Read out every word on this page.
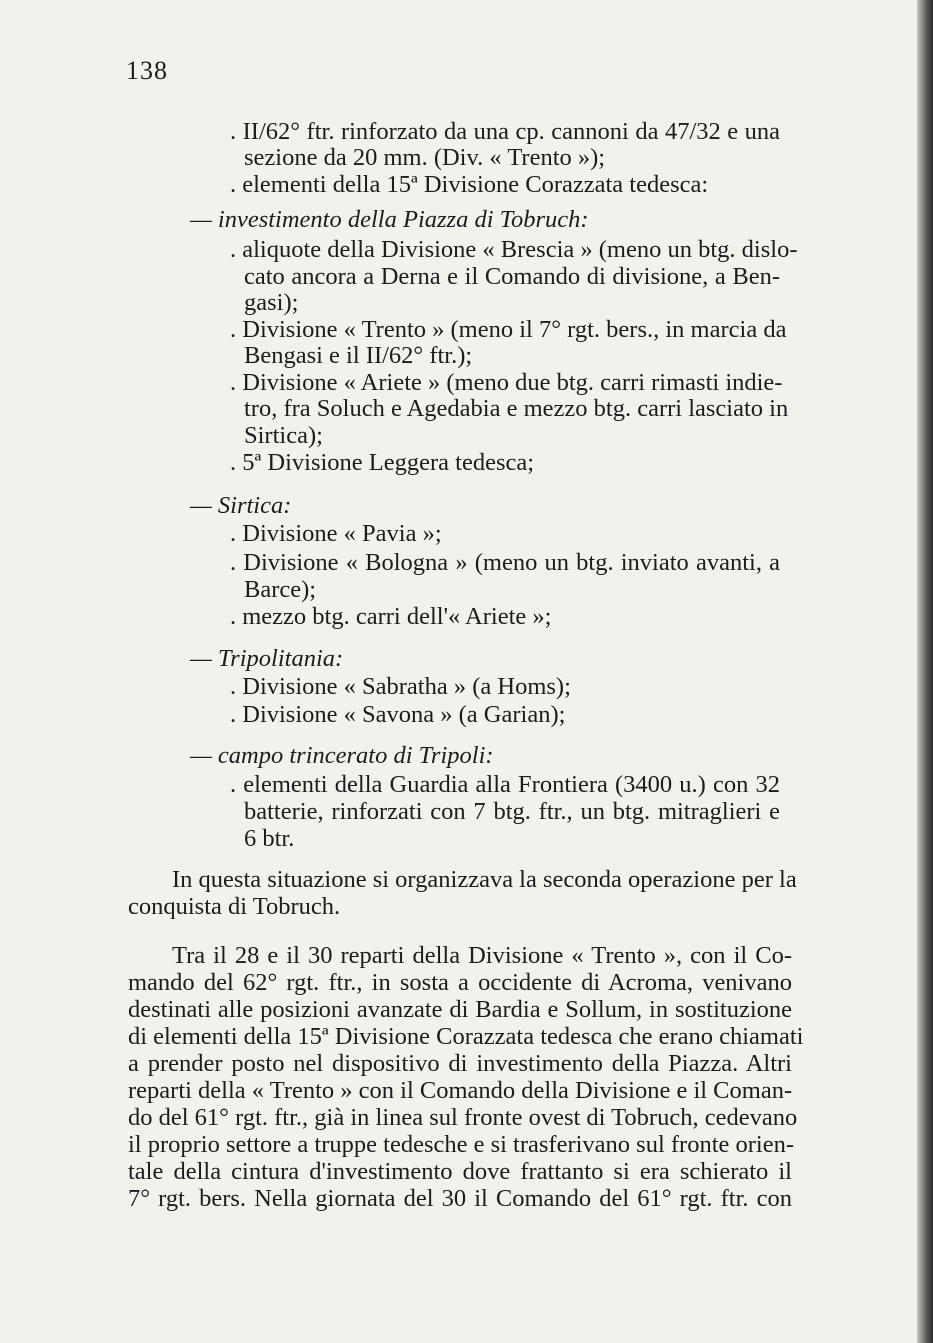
138
. II/62° ftr. rinforzato da una cp. cannoni da 47/32 e una
sezione da 20 mm. (Div. « Trento »);
. elementi della 15ª Divisione Corazzata tedesca:
— investimento della Piazza di Tobruch:
. aliquote della Divisione « Brescia » (meno un btg. dislo-
cato ancora a Derna e il Comando di divisione, a Ben-
gasi);
. Divisione « Trento » (meno il 7° rgt. bers., in marcia da
Bengasi e il II/62° ftr.);
. Divisione « Ariete » (meno due btg. carri rimasti indie-
tro, fra Soluch e Agedabia e mezzo btg. carri lasciato in
Sirtica);
. 5ª Divisione Leggera tedesca;
— Sirtica:
. Divisione « Pavia »;
. Divisione « Bologna » (meno un btg. inviato avanti, a
Barce);
. mezzo btg. carri dell'« Ariete »;
— Tripolitania:
. Divisione « Sabratha » (a Homs);
. Divisione « Savona » (a Garian);
— campo trincerato di Tripoli:
. elementi della Guardia alla Frontiera (3400 u.) con 32
batterie, rinforzati con 7 btg. ftr., un btg. mitraglieri e
6 btr.
In questa situazione si organizzava la seconda operazione per la
conquista di Tobruch.
Tra il 28 e il 30 reparti della Divisione « Trento », con il Co-
mando del 62° rgt. ftr., in sosta a occidente di Acroma, venivano
destinati alle posizioni avanzate di Bardia e Sollum, in sostituzione
di elementi della 15ª Divisione Corazzata tedesca che erano chiamati
a prender posto nel dispositivo di investimento della Piazza. Altri
reparti della « Trento » con il Comando della Divisione e il Coman-
do del 61° rgt. ftr., già in linea sul fronte ovest di Tobruch, cedevano
il proprio settore a truppe tedesche e si trasferivano sul fronte orien-
tale della cintura d'investimento dove frattanto si era schierato il
7° rgt. bers. Nella giornata del 30 il Comando del 61° rgt. ftr. con
